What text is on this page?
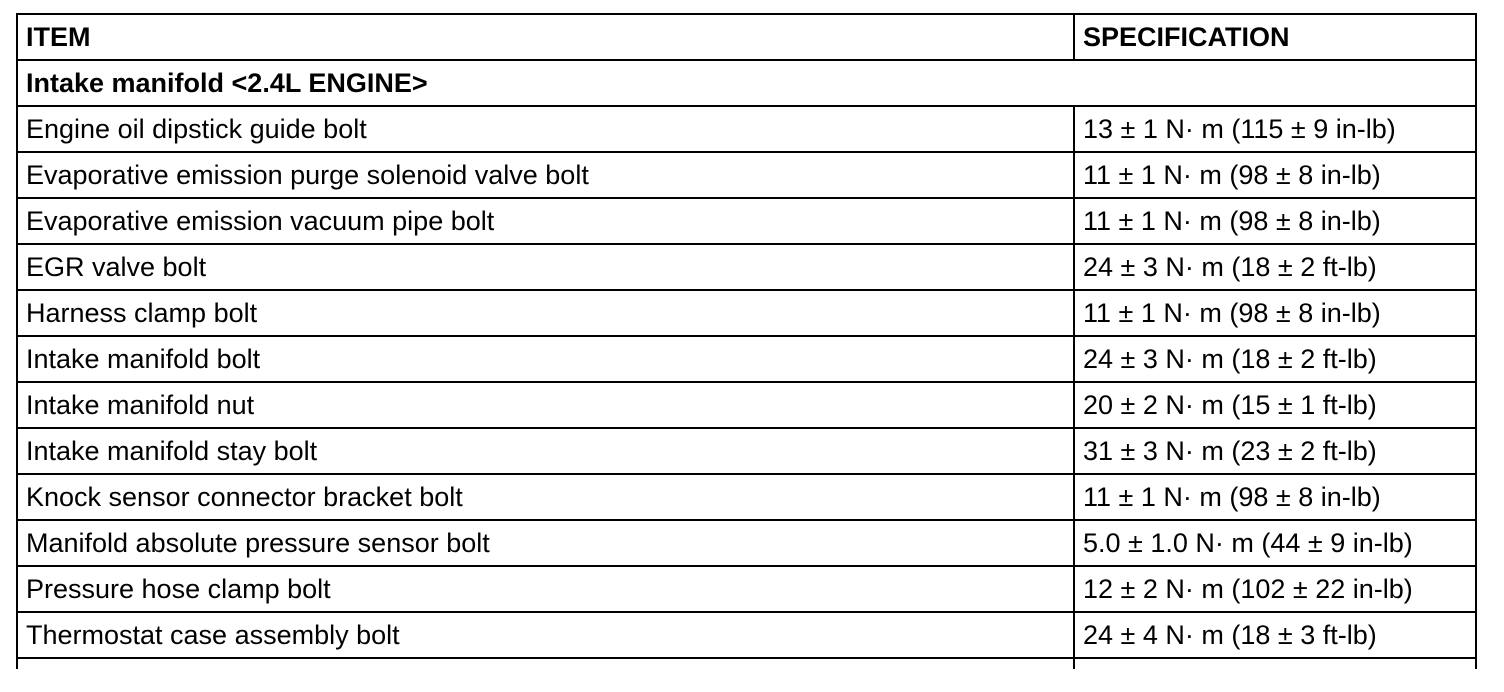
ITEM	SPECIFICATION
Intake manifold <2.4L ENGINE>	
Engine oil dipstick guide bolt	13 ± 1 N· m (115 ± 9 in-lb)
Evaporative emission purge solenoid valve bolt	11 ± 1 N· m (98 ± 8 in-lb)
Evaporative emission vacuum pipe bolt	11 ± 1 N· m (98 ± 8 in-lb)
EGR valve bolt	24 ± 3 N· m (18 ± 2 ft-lb)
Harness clamp bolt	11 ± 1 N· m (98 ± 8 in-lb)
Intake manifold bolt	24 ± 3 N· m (18 ± 2 ft-lb)
Intake manifold nut	20 ± 2 N· m (15 ± 1 ft-lb)
Intake manifold stay bolt	31 ± 3 N· m (23 ± 2 ft-lb)
Knock sensor connector bracket bolt	11 ± 1 N· m (98 ± 8 in-lb)
Manifold absolute pressure sensor bolt	5.0 ± 1.0 N· m (44 ± 9 in-lb)
Pressure hose clamp bolt	12 ± 2 N· m (102 ± 22 in-lb)
Thermostat case assembly bolt	24 ± 4 N· m (18 ± 3 ft-lb)
